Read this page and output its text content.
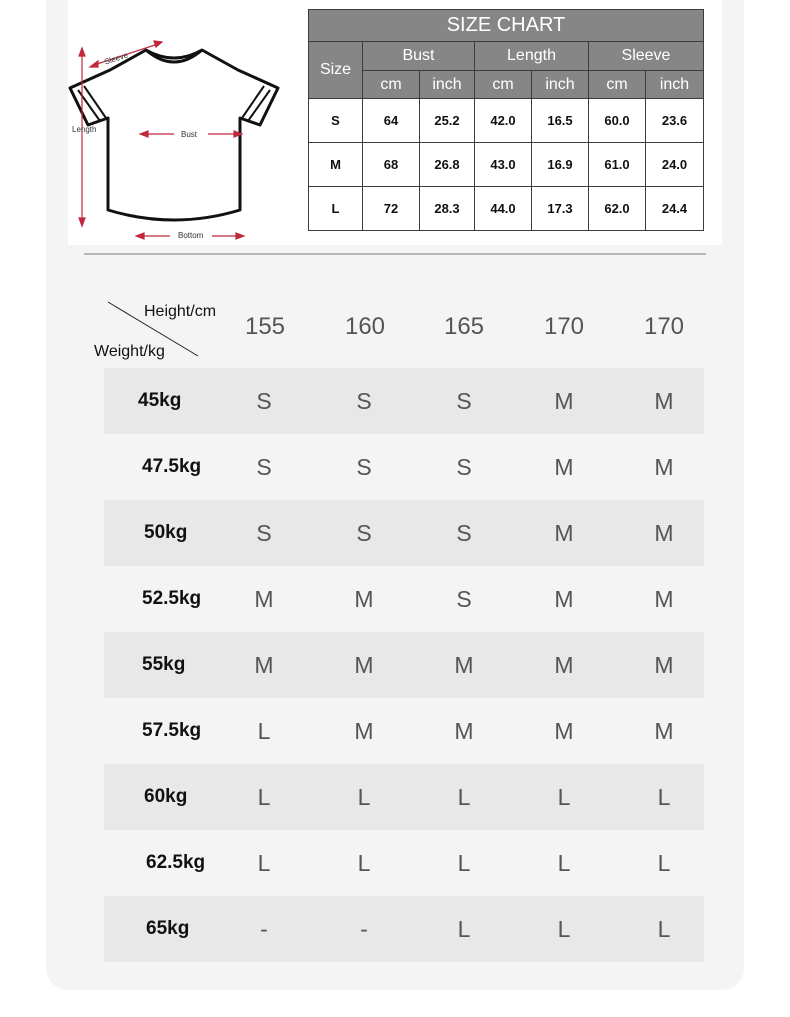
Sleeve
Length
Bust
Bottom
SIZE CHART						
Size	Bust		Length		Sleeve	
	cm	inch	cm	inch	cm	inch
S	64	25.2	42.0	16.5	60.0	23.6
M	68	26.8	43.0	16.9	61.0	24.0
L	72	28.3	44.0	17.3	62.0	24.4
Height/cm
Weight/kg
155	160	165	170	170
45kg	S	S	S	M	M
47.5kg	S	S	S	M	M
50kg	S	S	S	M	M
52.5kg	M	M	S	M	M
55kg	M	M	M	M	M
57.5kg	L	M	M	M	M
60kg	L	L	L	L	L
62.5kg	L	L	L	L	L
65kg	-	-	L	L	L
